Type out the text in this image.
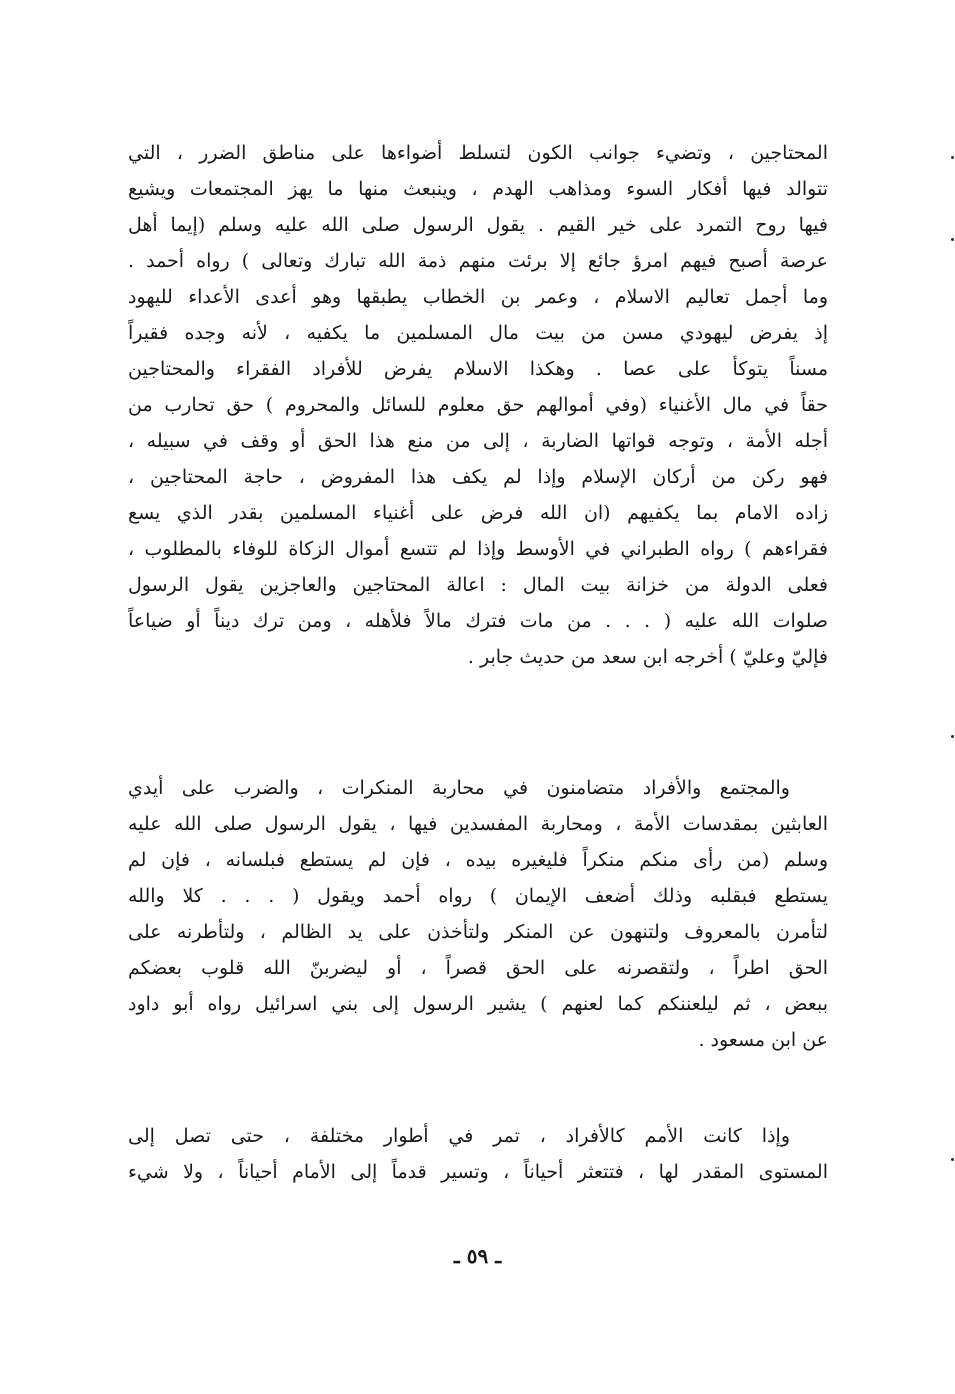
المحتاجين ، وتضيء جوانب الكون لتسلط أضواءها على مناطق الضرر ، التي
تتوالد فيها أفكار السوء ومذاهب الهدم ، وينبعث منها ما يهز المجتمعات ويشيع
فيها روح التمرد على خير القيم . يقول الرسول صلى الله عليه وسلم (إيما أهل
عرصة أصبح فيهم امرؤ جائع إلا برئت منهم ذمة الله تبارك وتعالى ) رواه أحمد .
وما أجمل تعاليم الاسلام ، وعمر بن الخطاب يطبقها وهو أعدى الأعداء لليهود
إذ يفرض ليهودي مسن من بيت مال المسلمين ما يكفيه ، لأنه وجده فقيراً
مسناً يتوكأ على عصا . وهكذا الاسلام يفرض للأفراد الفقراء والمحتاجين
حقاً في مال الأغنياء (وفي أموالهم حق معلوم للسائل والمحروم ) حق تحارب من
أجله الأمة ، وتوجه قواتها الضاربة ، إلى من منع هذا الحق أو وقف في سبيله ،
فهو ركن من أركان الإسلام وإذا لم يكف هذا المفروض ، حاجة المحتاجين ،
زاده الامام بما يكفيهم (ان الله فرض على أغنياء المسلمين بقدر الذي يسع
فقراءهم ) رواه الطبراني في الأوسط وإذا لم تتسع أموال الزكاة للوفاء بالمطلوب ،
فعلى الدولة من خزانة بيت المال : اعالة المحتاجين والعاجزين يقول الرسول
صلوات الله عليه ( . . . من مات فترك مالاً فلأهله ، ومن ترك ديناً أو ضياعاً
فإليّ وعليّ ) أخرجه ابن سعد من حديث جابر .
والمجتمع والأفراد متضامنون في محاربة المنكرات ، والضرب على أيدي
العابثين بمقدسات الأمة ، ومحاربة المفسدين فيها ، يقول الرسول صلى الله عليه
وسلم (من رأى منكم منكراً فليغيره بيده ، فإن لم يستطع فبلسانه ، فإن لم
يستطع فبقلبه وذلك أضعف الإيمان ) رواه أحمد ويقول ( . . . كلا والله
لتأمرن بالمعروف ولتنهون عن المنكر ولتأخذن على يد الظالم ، ولتأطرنه على
الحق اطراً ، ولتقصرنه على الحق قصراً ، أو ليضربنّ الله قلوب بعضكم
ببعض ، ثم ليلعننكم كما لعنهم ) يشير الرسول إلى بني اسرائيل رواه أبو داود
عن ابن مسعود .
وإذا كانت الأمم كالأفراد ، تمر في أطوار مختلفة ، حتى تصل إلى
المستوى المقدر لها ، فتتعثر أحياناً ، وتسير قدماً إلى الأمام أحياناً ، ولا شيء
ـ ٥٩ ـ
